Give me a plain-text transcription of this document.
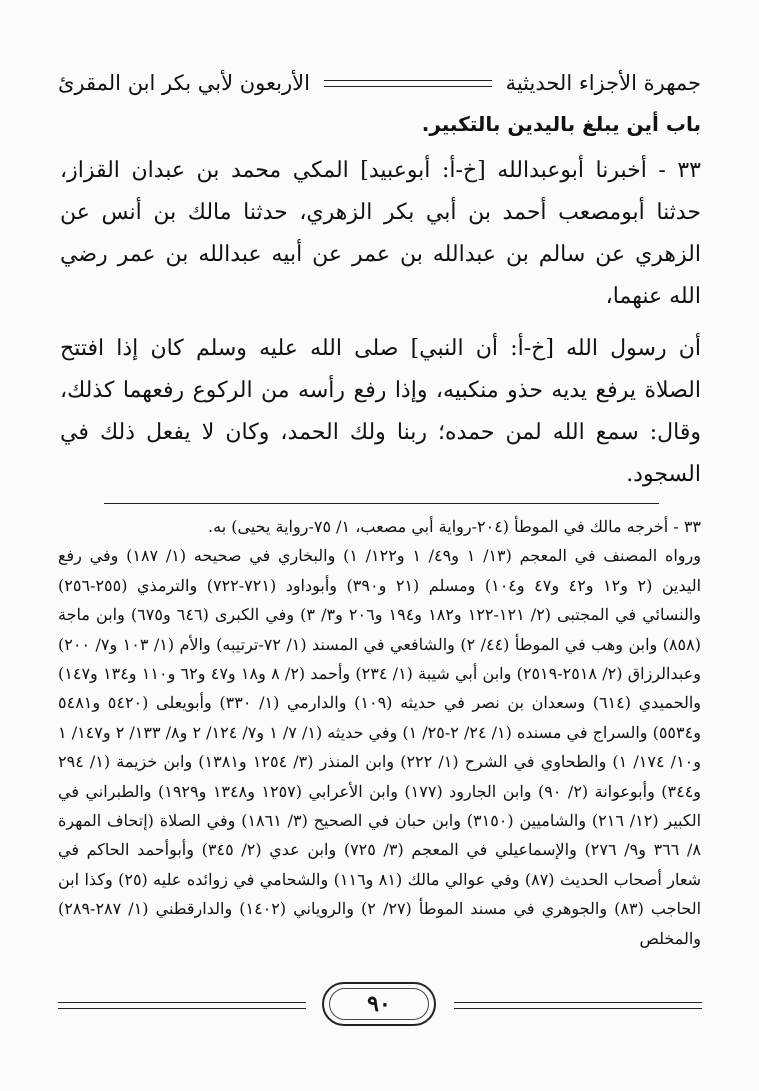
الأربعون لأبي بكر ابن المقرئ	جمهرة الأجزاء الحديثية
باب أين يبلغ باليدين بالتكبير.

٣٣ - أخبرنا أبوعبدالله [خ-أ: أبوعبيد] المكي محمد بن عبدان القزاز، حدثنا أبومصعب أحمد بن أبي بكر الزهري، حدثنا مالك بن أنس عن الزهري عن سالم بن عبدالله بن عمر عن أبيه عبدالله بن عمر رضي الله عنهما،

أن رسول الله [خ-أ: أن النبي] صلى الله عليه وسلم كان إذا افتتح الصلاة يرفع يديه حذو منكبيه، وإذا رفع رأسه من الركوع رفعهما كذلك، وقال: سمع الله لمن حمده؛ ربنا ولك الحمد، وكان لا يفعل ذلك في السجود.

٣٣ - أخرجه مالك في الموطأ (٢٠٤-رواية أبي مصعب، ١/ ٧٥-رواية يحيى) به.

ورواه المصنف في المعجم (١٣/ ١ و٤٩/ ١ و١٢٢/ ١) والبخاري في صحيحه (١/ ١٨٧) وفي رفع اليدين (٢ و١٢ و٤٢ و٤٧ و١٠٤) ومسلم (٢١ و٣٩٠) وأبوداود (٧٢١-٧٢٢) والترمذي (٢٥٥-٢٥٦) والنسائي في المجتبى (٢/ ١٢١-١٢٢ و١٨٢ و١٩٤ و٢٠٦ و٣/ ٣) وفي الكبرى (٦٤٦ و٦٧٥) وابن ماجة (٨٥٨) وابن وهب في الموطأ (٤٤/ ٢) والشافعي في المسند (١/ ٧٢-ترتيبه) والأم (١/ ١٠٣ و٧/ ٢٠٠) وعبدالرزاق (٢/ ٢٥١٨-٢٥١٩) وابن أبي شيبة (١/ ٢٣٤) وأحمد (٢/ ٨ و١٨ و٤٧ و٦٢ و١١٠ و١٣٤ و١٤٧) والحميدي (٦١٤) وسعدان بن نصر في حديثه (١٠٩) والدارمي (١/ ٣٣٠) وأبويعلى (٥٤٢٠ و٥٤٨١ و٥٥٣٤) والسراج في مسنده (١/ ٢٤/ ٢-٢٥/ ١) وفي حديثه (١/ ٧/ ١ و٧/ ١٢٤/ ٢ و٨/ ١٣٣/ ٢ و١٤٧/ ١ و١٠/ ١٧٤/ ١) والطحاوي في الشرح (١/ ٢٢٢) وابن المنذر (٣/ ١٢٥٤ و١٣٨١) وابن خزيمة (١/ ٢٩٤ و٣٤٤) وأبوعوانة (٢/ ٩٠) وابن الجارود (١٧٧) وابن الأعرابي (١٢٥٧ و١٣٤٨ و١٩٢٩) والطبراني في الكبير (١٢/ ٢١٦) والشاميين (٣١٥٠) وابن حبان في الصحيح (٣/ ١٨٦١) وفي الصلاة (إتحاف المهرة ٨/ ٣٦٦ و٩/ ٢٧٦) والإسماعيلي في المعجم (٣/ ٧٢٥) وابن عدي (٢/ ٣٤٥) وأبوأحمد الحاكم في شعار أصحاب الحديث (٨٧) وفي عوالي مالك (٨١ و١١٦) والشحامي في زوائده عليه (٢٥) وكذا ابن الحاجب (٨٣) والجوهري في مسند الموطأ (٢٧/ ٢) والروياني (١٤٠٢) والدارقطني (١/ ٢٨٧-٢٨٩) والمخلص

٩٠
